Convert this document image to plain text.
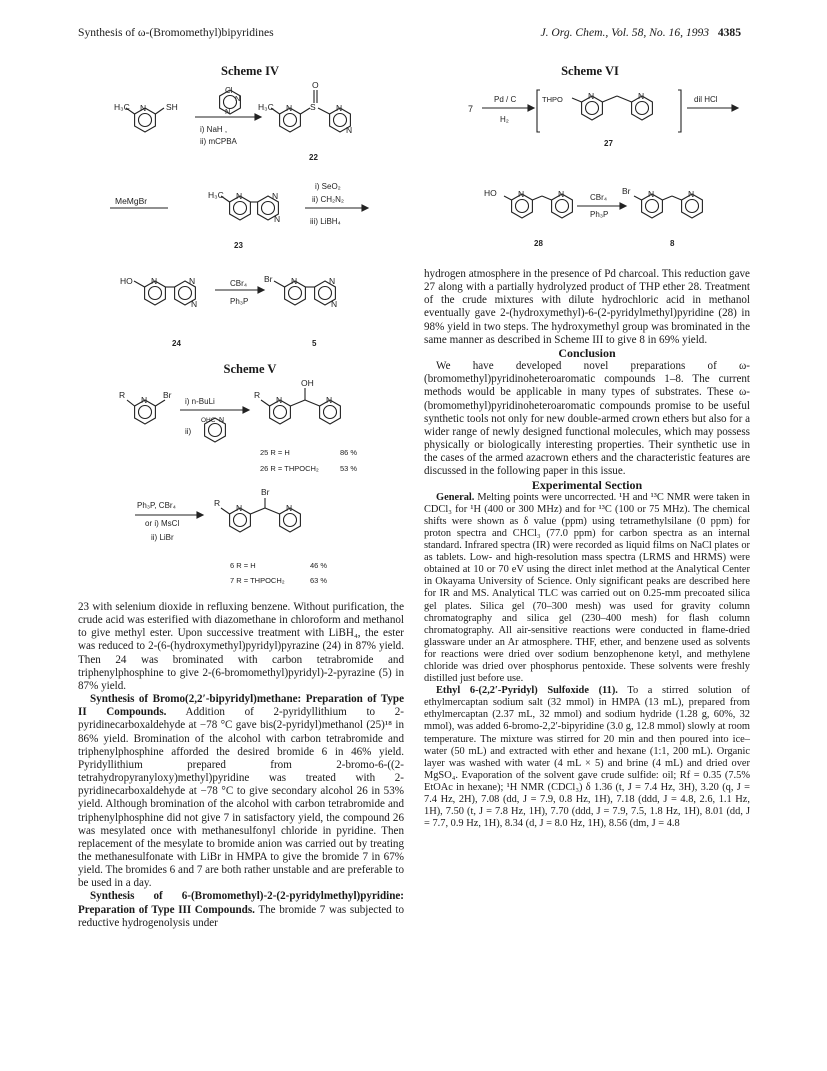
Synthesis of ω-(Bromomethyl)bipyridines	J. Org. Chem., Vol. 58, No. 16, 1993 4385
Scheme IV
H₃C	SH
N
Cl
N
N	H₃C N
O
S N
N
i) NaH ,
ii) mCPBA
22
MeMgBr
H₃C N	N
N
i) SeO₂
ii) CH₂N₂
iii) LiBH₄
23
HO N	N
N
CBr₄
Ph₃P
Br N	N
N
24	5
Scheme V
R N Br
i) n-BuLi
ii)
OHC N
R N
OH
N
25 R = H	86 %
26 R = THPOCH₂	53 %
Ph₃P, CBr₄
or i) MsCl
ii) LiBr
R N
Br
N
6 R = H	46 %
7 R = THPOCH₂	63 %
Scheme VI
7
Pd / C
H₂
THPO	N	N	dil HCl
27
HO	N	N	CBr₄
Ph₃P
Br N	N
28	8

23 with selenium dioxide in refluxing benzene. Without purification, the crude acid was esterified with diazomethane in chloroform and methanol to give methyl ester. Upon successive treatment with LiBH₄, the ester was reduced to 2-(6-(hydroxymethyl)pyridyl)pyrazine (24) in 87% yield. Then 24 was brominated with carbon tetrabromide and triphenylphosphine to give 2-(6-bromomethyl)pyridyl)-2-pyrazine (5) in 87% yield.

Synthesis of Bromo(2,2′-bipyridyl)methane: Preparation of Type II Compounds. Addition of 2-pyridyllithium to 2-pyridinecarboxaldehyde at −78 °C gave bis(2-pyridyl)methanol (25)¹⁸ in 86% yield. Bromination of the alcohol with carbon tetrabromide and triphenylphosphine afforded the desired bromide 6 in 46% yield. Pyridyllithium prepared from 2-bromo-6-((2-tetrahydropyranyloxy)methyl)pyridine was treated with 2-pyridinecarboxaldehyde at −78 °C to give secondary alcohol 26 in 53% yield. Although bromination of the alcohol with carbon tetrabromide and triphenylphosphine did not give 7 in satisfactory yield, the compound 26 was mesylated once with methanesulfonyl chloride in pyridine. Then replacement of the mesylate to bromide anion was carried out by treating the methanesulfonate with LiBr in HMPA to give the bromide 7 in 67% yield. The bromides 6 and 7 are both rather unstable and are preferable to be used in a day.

Synthesis of 6-(Bromomethyl)-2-(2-pyridylmethyl)pyridine: Preparation of Type III Compounds. The bromide 7 was subjected to reductive hydrogenolysis under

hydrogen atmosphere in the presence of Pd charcoal. This reduction gave 27 along with a partially hydrolyzed product of THP ether 28. Treatment of the crude mixtures with dilute hydrochloric acid in methanol eventually gave 2-(hydroxymethyl)-6-(2-pyridylmethyl)pyridine (28) in 98% yield in two steps. The hydroxymethyl group was brominated in the same manner as described in Scheme III to give 8 in 69% yield.

Conclusion

We have developed novel preparations of ω-(bromomethyl)pyridinoheteroaromatic compounds 1–8. The current methods would be applicable in many types of substrates. These ω-(bromomethyl)pyridinoheteroaromatic compounds promise to be useful synthetic tools not only for new double-armed crown ethers but also for a wider range of newly designed functional molecules, which may possess physically or biologically interesting properties. Their synthetic use in the cases of the armed azacrown ethers and the characteristic features are discussed in the following paper in this issue.

Experimental Section

General. Melting points were uncorrected. ¹H and ¹³C NMR were taken in CDCl₃ for ¹H (400 or 300 MHz) and for ¹³C (100 or 75 MHz). The chemical shifts were shown as δ value (ppm) using tetramethylsilane (0 ppm) for proton spectra and CHCl₃ (77.0 ppm) for carbon spectra as an internal standard. Infrared spectra (IR) were recorded as liquid films on NaCl plates or as tablets. Low- and high-resolution mass spectra (LRMS and HRMS) were obtained at 10 or 70 eV using the direct inlet method at the Analytical Center in Okayama University of Science. Only significant peaks are described here for IR and MS. Analytical TLC was carried out on 0.25-mm precoated silica gel plates. Silica gel (70–300 mesh) was used for gravity column chromatography and silica gel (230–400 mesh) for flash column chromatography. All air-sensitive reactions were conducted in flame-dried glassware under an Ar atmosphere. THF, ether, and benzene used as solvents for reactions were dried over sodium benzophenone ketyl, and methylene chloride was dried over phosphorus pentoxide. These solvents were freshly distilled just before use.

Ethyl 6-(2,2′-Pyridyl) Sulfoxide (11). To a stirred solution of ethylmercaptan sodium salt (32 mmol) in HMPA (13 mL), prepared from ethylmercaptan (2.37 mL, 32 mmol) and sodium hydride (1.28 g, 60%, 32 mmol), was added 6-bromo-2,2′-bipyridine (3.0 g, 12.8 mmol) slowly at room temperature. The mixture was stirred for 20 min and then poured into ice–water (50 mL) and extracted with ether and hexane (1:1, 200 mL). Organic layer was washed with water (4 mL × 5) and brine (4 mL) and dried over MgSO₄. Evaporation of the solvent gave crude sulfide: oil; Rf = 0.35 (7.5% EtOAc in hexane); ¹H NMR (CDCl₃) δ 1.36 (t, J = 7.4 Hz, 3H), 3.20 (q, J = 7.4 Hz, 2H), 7.08 (dd, J = 7.9, 0.8 Hz, 1H), 7.18 (ddd, J = 4.8, 2.6, 1.1 Hz, 1H), 7.50 (t, J = 7.8 Hz, 1H), 7.70 (ddd, J = 7.9, 7.5, 1.8 Hz, 1H), 8.01 (dd, J = 7.7, 0.9 Hz, 1H), 8.34 (d, J = 8.0 Hz, 1H), 8.56 (dm, J = 4.8
